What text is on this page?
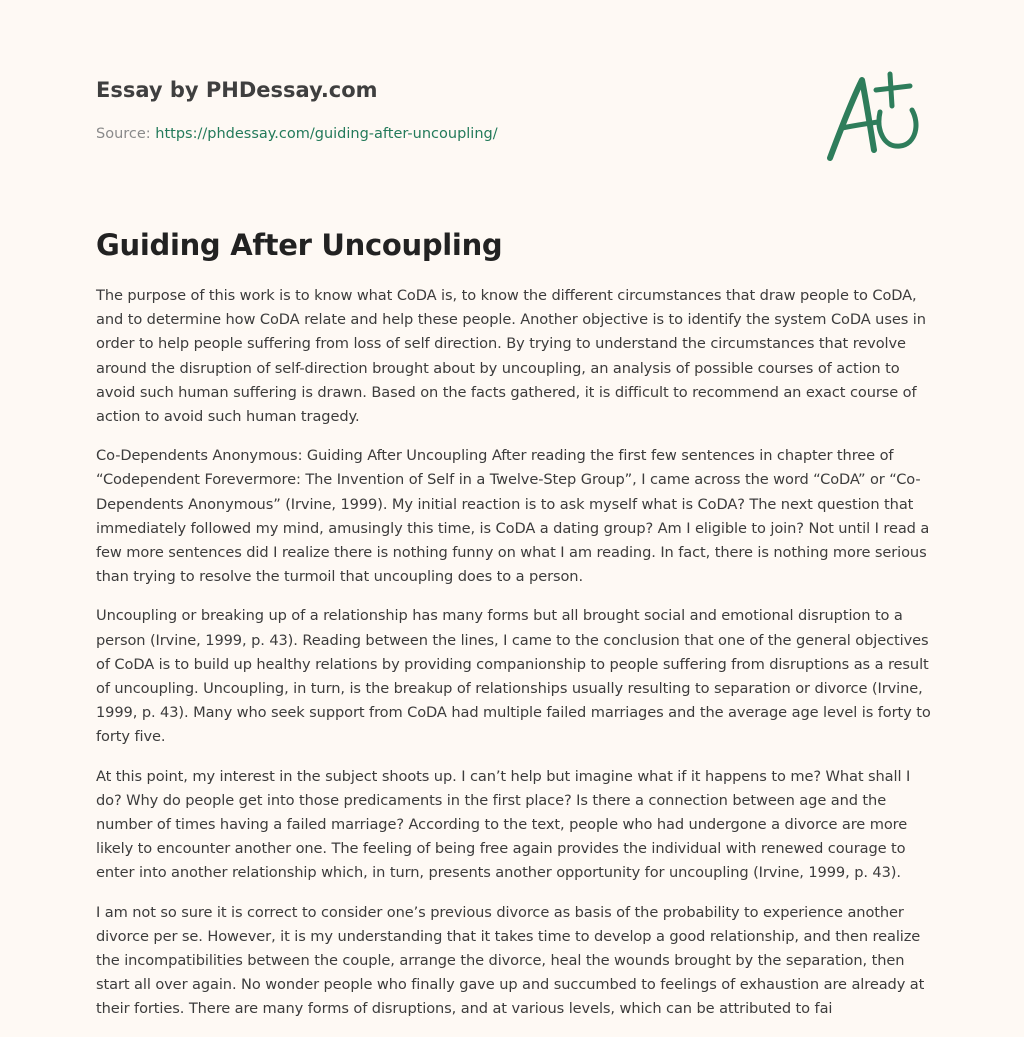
Essay by PHDessay.com
Source: https://phdessay.com/guiding-after-uncoupling/
Guiding After Uncoupling

The purpose of this work is to know what CoDA is, to know the different circumstances that draw people to CoDA, and to determine how CoDA relate and help these people. Another objective is to identify the system CoDA uses in order to help people suffering from loss of self direction. By trying to understand the circumstances that revolve around the disruption of self-direction brought about by uncoupling, an analysis of possible courses of action to avoid such human suffering is drawn. Based on the facts gathered, it is difficult to recommend an exact course of action to avoid such human tragedy.

Co-Dependents Anonymous: Guiding After Uncoupling After reading the first few sentences in chapter three of “Codependent Forevermore: The Invention of Self in a Twelve-Step Group”, I came across the word “CoDA” or “Co-Dependents Anonymous” (Irvine, 1999). My initial reaction is to ask myself what is CoDA? The next question that immediately followed my mind, amusingly this time, is CoDA a dating group? Am I eligible to join? Not until I read a few more sentences did I realize there is nothing funny on what I am reading. In fact, there is nothing more serious than trying to resolve the turmoil that uncoupling does to a person.

Uncoupling or breaking up of a relationship has many forms but all brought social and emotional disruption to a person (Irvine, 1999, p. 43). Reading between the lines, I came to the conclusion that one of the general objectives of CoDA is to build up healthy relations by providing companionship to people suffering from disruptions as a result of uncoupling. Uncoupling, in turn, is the breakup of relationships usually resulting to separation or divorce (Irvine, 1999, p. 43). Many who seek support from CoDA had multiple failed marriages and the average age level is forty to forty five.

At this point, my interest in the subject shoots up. I can’t help but imagine what if it happens to me? What shall I do? Why do people get into those predicaments in the first place? Is there a connection between age and the number of times having a failed marriage? According to the text, people who had undergone a divorce are more likely to encounter another one. The feeling of being free again provides the individual with renewed courage to enter into another relationship which, in turn, presents another opportunity for uncoupling (Irvine, 1999, p. 43).

I am not so sure it is correct to consider one’s previous divorce as basis of the probability to experience another divorce per se. However, it is my understanding that it takes time to develop a good relationship, and then realize the incompatibilities between the couple, arrange the divorce, heal the wounds brought by the separation, then start all over again. No wonder people who finally gave up and succumbed to feelings of exhaustion are already at their forties. There are many forms of disruptions, and at various levels, which can be attributed to fai
